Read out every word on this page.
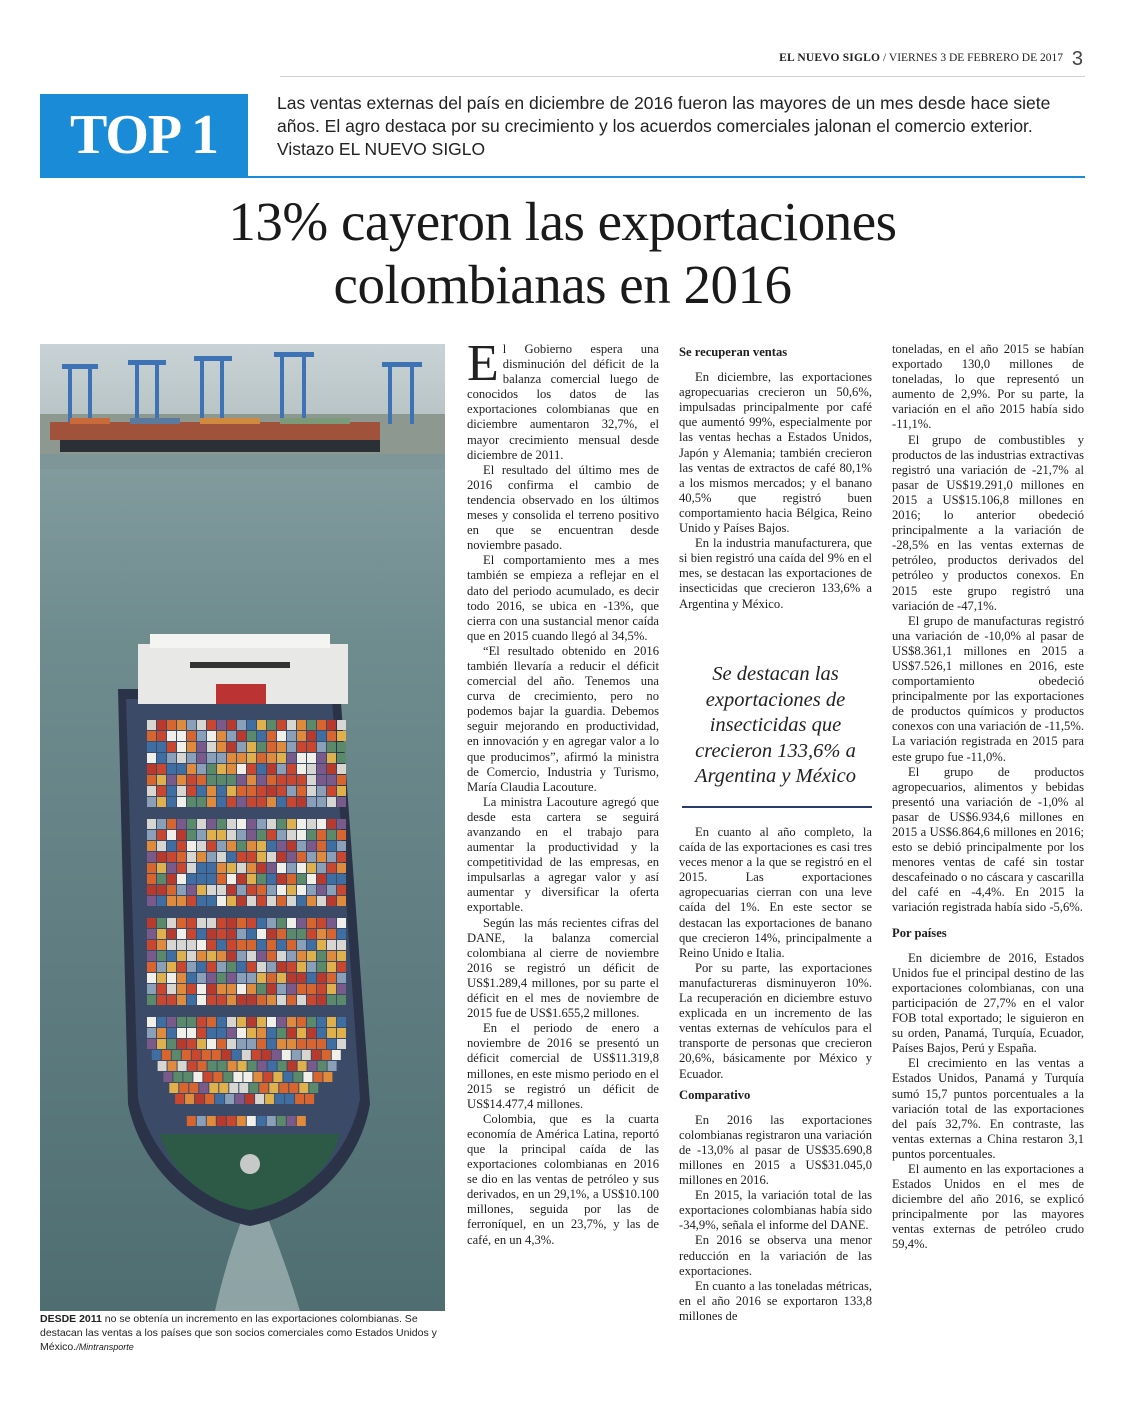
EL NUEVO SIGLO / VIERNES 3 DE FEBRERO DE 2017 3
TOP 1
Las ventas externas del país en diciembre de 2016 fueron las mayores de un mes desde hace siete años. El agro destaca por su crecimiento y los acuerdos comerciales jalonan el comercio exterior. Vistazo EL NUEVO SIGLO
13% cayeron las exportaciones
colombianas en 2016
DESDE 2011 no se obtenía un incremento en las exportaciones colombianas. Se destacan las ventas a los países que son socios comerciales como Estados Unidos y México./Mintransporte

El Gobierno espera una disminución del déficit de la balanza comercial luego de conocidos los datos de las exportaciones colombianas que en diciembre aumentaron 32,7%, el mayor crecimiento mensual desde diciembre de 2011.

El resultado del último mes de 2016 confirma el cambio de tendencia observado en los últimos meses y consolida el terreno positivo en que se encuentran desde noviembre pasado.

El comportamiento mes a mes también se empieza a reflejar en el dato del periodo acumulado, es decir todo 2016, se ubica en -13%, que cierra con una sustancial menor caída que en 2015 cuando llegó al 34,5%.

“El resultado obtenido en 2016 también llevaría a reducir el déficit comercial del año. Tenemos una curva de crecimiento, pero no podemos bajar la guardia. Debemos seguir mejorando en productividad, en innovación y en agregar valor a lo que producimos”, afirmó la ministra de Comercio, Industria y Turismo, María Claudia Lacouture.

La ministra Lacouture agregó que desde esta cartera se seguirá avanzando en el trabajo para aumentar la productividad y la competitividad de las empresas, en impulsarlas a agregar valor y así aumentar y diversificar la oferta exportable.

Según las más recientes cifras del DANE, la balanza comercial colombiana al cierre de noviembre 2016 se registró un déficit de US$1.289,4 millones, por su parte el déficit en el mes de noviembre de 2015 fue de US$1.655,2 millones.

En el periodo de enero a noviembre de 2016 se presentó un déficit comercial de US$11.319,8 millones, en este mismo periodo en el 2015 se registró un déficit de US$14.477,4 millones.

Colombia, que es la cuarta economía de América Latina, reportó que la principal caída de las exportaciones colombianas en 2016 se dio en las ventas de petróleo y sus derivados, en un 29,1%, a US$10.100 millones, seguida por las de ferroníquel, en un 23,7%, y las de café, en un 4,3%.

Se recuperan ventas

En diciembre, las exportaciones agropecuarias crecieron un 50,6%, impulsadas principalmente por café que aumentó 99%, especialmente por las ventas hechas a Estados Unidos, Japón y Alemania; también crecieron las ventas de extractos de café 80,1% a los mismos mercados; y el banano 40,5% que registró buen comportamiento hacia Bélgica, Reino Unido y Países Bajos.

En la industria manufacturera, que si bien registró una caída del 9% en el mes, se destacan las exportaciones de insecticidas que crecieron 133,6% a Argentina y México.

Se destacan las exportaciones de insecticidas que crecieron 133,6% a Argentina y México

En cuanto al año completo, la caída de las exportaciones es casi tres veces menor a la que se registró en el 2015. Las exportaciones agropecuarias cierran con una leve caída del 1%. En este sector se destacan las exportaciones de banano que crecieron 14%, principalmente a Reino Unido e Italia.

Por su parte, las exportaciones manufactureras disminuyeron 10%. La recuperación en diciembre estuvo explicada en un incremento de las ventas externas de vehículos para el transporte de personas que crecieron 20,6%, básicamente por México y Ecuador.

Comparativo

En 2016 las exportaciones colombianas registraron una variación de -13,0% al pasar de US$35.690,8 millones en 2015 a US$31.045,0 millones en 2016.

En 2015, la variación total de las exportaciones colombianas había sido -34,9%, señala el informe del DANE.

En 2016 se observa una menor reducción en la variación de las exportaciones.

En cuanto a las toneladas métricas, en el año 2016 se exportaron 133,8 millones de

toneladas, en el año 2015 se habían exportado 130,0 millones de toneladas, lo que representó un aumento de 2,9%. Por su parte, la variación en el año 2015 había sido -11,1%.

El grupo de combustibles y productos de las industrias extractivas registró una variación de -21,7% al pasar de US$19.291,0 millones en 2015 a US$15.106,8 millones en 2016; lo anterior obedeció principalmente a la variación de -28,5% en las ventas externas de petróleo, productos derivados del petróleo y productos conexos. En 2015 este grupo registró una variación de -47,1%.

El grupo de manufacturas registró una variación de -10,0% al pasar de US$8.361,1 millones en 2015 a US$7.526,1 millones en 2016, este comportamiento obedeció principalmente por las exportaciones de productos químicos y productos conexos con una variación de -11,5%. La variación registrada en 2015 para este grupo fue -11,0%.

El grupo de productos agropecuarios, alimentos y bebidas presentó una variación de -1,0% al pasar de US$6.934,6 millones en 2015 a US$6.864,6 millones en 2016; esto se debió principalmente por los menores ventas de café sin tostar descafeinado o no cáscara y cascarilla del café en -4,4%. En 2015 la variación registrada había sido -5,6%.

Por países

En diciembre de 2016, Estados Unidos fue el principal destino de las exportaciones colombianas, con una participación de 27,7% en el valor FOB total exportado; le siguieron en su orden, Panamá, Turquía, Ecuador, Países Bajos, Perú y España.

El crecimiento en las ventas a Estados Unidos, Panamá y Turquía sumó 15,7 puntos porcentuales a la variación total de las exportaciones del país 32,7%. En contraste, las ventas externas a China restaron 3,1 puntos porcentuales.

El aumento en las exportaciones a Estados Unidos en el mes de diciembre del año 2016, se explicó principalmente por las mayores ventas externas de petróleo crudo 59,4%.
